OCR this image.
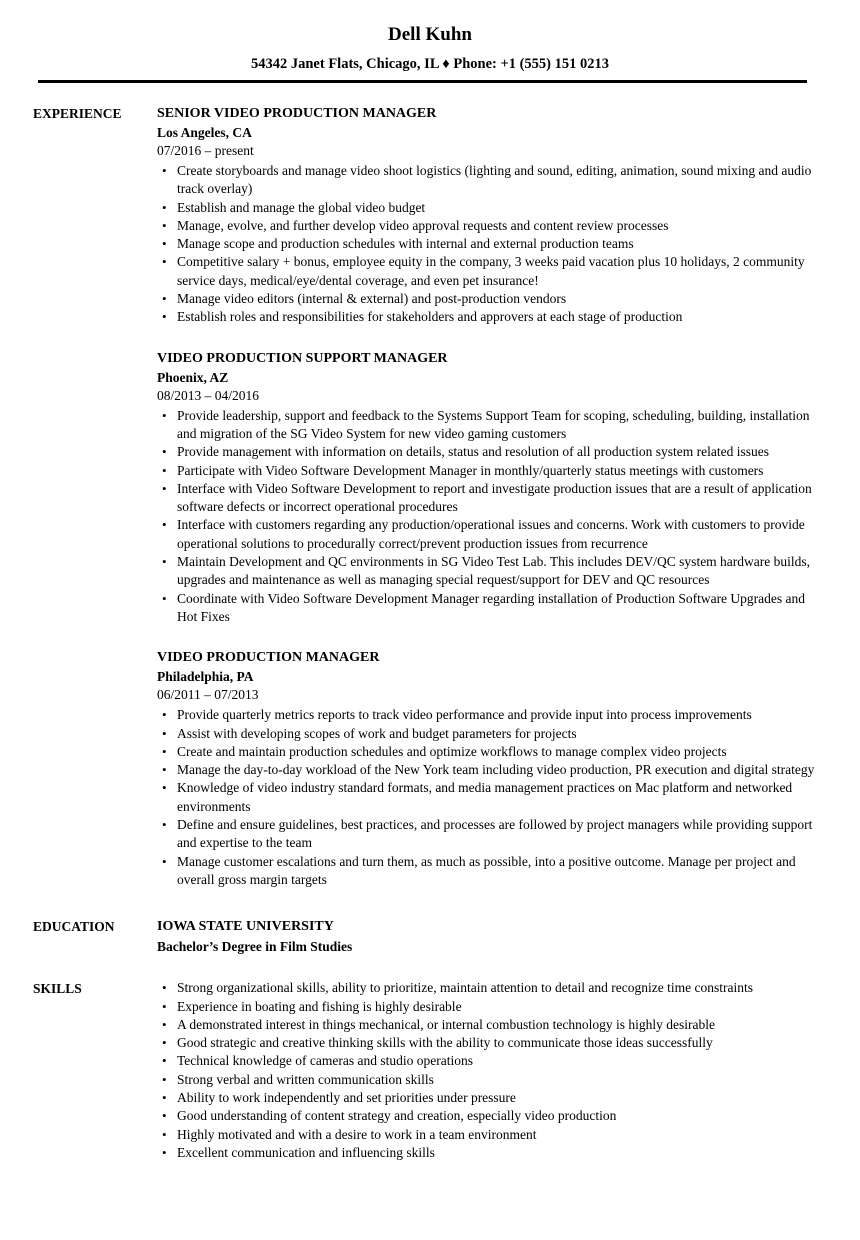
Dell Kuhn
54342 Janet Flats, Chicago, IL ♦ Phone: +1 (555) 151 0213
EXPERIENCE	SENIOR VIDEO PRODUCTION MANAGER
Los Angeles, CA
07/2016 – present
• Create storyboards and manage video shoot logistics (lighting and sound, editing, animation, sound mixing and audio track overlay)
• Establish and manage the global video budget
• Manage, evolve, and further develop video approval requests and content review processes
• Manage scope and production schedules with internal and external production teams
• Competitive salary + bonus, employee equity in the company, 3 weeks paid vacation plus 10 holidays, 2 community service days, medical/eye/dental coverage, and even pet insurance!
• Manage video editors (internal & external) and post-production vendors
• Establish roles and responsibilities for stakeholders and approvers at each stage of production
VIDEO PRODUCTION SUPPORT MANAGER
Phoenix, AZ
08/2013 – 04/2016
• Provide leadership, support and feedback to the Systems Support Team for scoping, scheduling, building, installation and migration of the SG Video System for new video gaming customers
• Provide management with information on details, status and resolution of all production system related issues
• Participate with Video Software Development Manager in monthly/quarterly status meetings with customers
• Interface with Video Software Development to report and investigate production issues that are a result of application software defects or incorrect operational procedures
• Interface with customers regarding any production/operational issues and concerns. Work with customers to provide operational solutions to procedurally correct/prevent production issues from recurrence
• Maintain Development and QC environments in SG Video Test Lab. This includes DEV/QC system hardware builds, upgrades and maintenance as well as managing special request/support for DEV and QC resources
• Coordinate with Video Software Development Manager regarding installation of Production Software Upgrades and Hot Fixes
VIDEO PRODUCTION MANAGER
Philadelphia, PA
06/2011 – 07/2013
• Provide quarterly metrics reports to track video performance and provide input into process improvements
• Assist with developing scopes of work and budget parameters for projects
• Create and maintain production schedules and optimize workflows to manage complex video projects
• Manage the day-to-day workload of the New York team including video production, PR execution and digital strategy
• Knowledge of video industry standard formats, and media management practices on Mac platform and networked environments
• Define and ensure guidelines, best practices, and processes are followed by project managers while providing support and expertise to the team
• Manage customer escalations and turn them, as much as possible, into a positive outcome. Manage per project and overall gross margin targets
EDUCATION	IOWA STATE UNIVERSITY
Bachelor’s Degree in Film Studies
SKILLS	• Strong organizational skills, ability to prioritize, maintain attention to detail and recognize time constraints
• Experience in boating and fishing is highly desirable
• A demonstrated interest in things mechanical, or internal combustion technology is highly desirable
• Good strategic and creative thinking skills with the ability to communicate those ideas successfully
• Technical knowledge of cameras and studio operations
• Strong verbal and written communication skills
• Ability to work independently and set priorities under pressure
• Good understanding of content strategy and creation, especially video production
• Highly motivated and with a desire to work in a team environment
• Excellent communication and influencing skills
